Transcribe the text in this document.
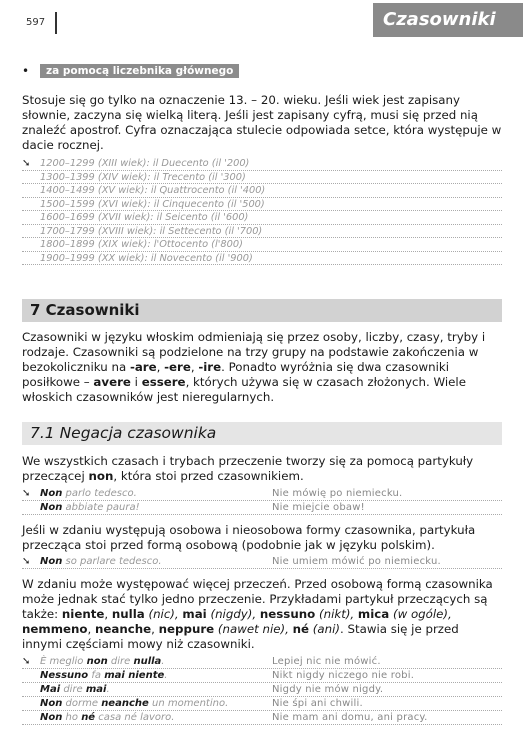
597	Czasowniki
•	za pomocą liczebnika głównego

Stosuje się go tylko na oznaczenie 13. – 20. wieku. Jeśli wiek jest zapisany słownie, zaczyna się wielką literą. Jeśli jest zapisany cyfrą, musi się przed nią znaleźć apostrof. Cyfra oznaczająca stulecie odpowiada setce, która występuje w dacie rocznej.

➘ 1200–1299 (XIII wiek): il Duecento (il '200)
1300–1399 (XIV wiek): il Trecento (il '300)
1400–1499 (XV wiek): il Quattrocento (il '400)
1500–1599 (XVI wiek): il Cinquecento (il '500)
1600–1699 (XVII wiek): il Seicento (il '600)
1700–1799 (XVIII wiek): il Settecento (il '700)
1800–1899 (XIX wiek): l'Ottocento (l'800)
1900–1999 (XX wiek): il Novecento (il '900)
7 Czasowniki

Czasowniki w języku włoskim odmieniają się przez osoby, liczby, czasy, tryby i rodzaje. Czasowniki są podzielone na trzy grupy na podstawie zakończenia w bezokoliczniku na -are, -ere, -ire. Ponadto wyróżnia się dwa czasowniki posiłkowe – avere i essere, których używa się w czasach złożonych. Wiele włoskich czasowników jest nieregularnych.

7.1 Negacja czasownika

We wszystkich czasach i trybach przeczenie tworzy się za pomocą partykuły przeczącej non, która stoi przed czasownikiem.

➘ Non parlo tedesco.	Nie mówię po niemiecku.
Non abbiate paura!	Nie miejcie obaw!

Jeśli w zdaniu występują osobowa i nieosobowa formy czasownika, partykuła przecząca stoi przed formą osobową (podobnie jak w języku polskim).

➘ Non so parlare tedesco.	Nie umiem mówić po niemiecku.

W zdaniu może występować więcej przeczeń. Przed osobową formą czasownika może jednak stać tylko jedno przeczenie. Przykładami partykuł przeczących są także: niente, nulla (nic), mai (nigdy), nessuno (nikt), mica (w ogóle), nemmeno, neanche, neppure (nawet nie), né (ani). Stawia się je przed innymi częściami mowy niż czasowniki.

➘ È meglio non dire nulla.	Lepiej nic nie mówić.
Nessuno fa mai niente.	Nikt nigdy niczego nie robi.
Mai dire mai.	Nigdy nie mów nigdy.
Non dorme neanche un momentino.	Nie śpi ani chwili.
Non ho né casa né lavoro.	Nie mam ani domu, ani pracy.
